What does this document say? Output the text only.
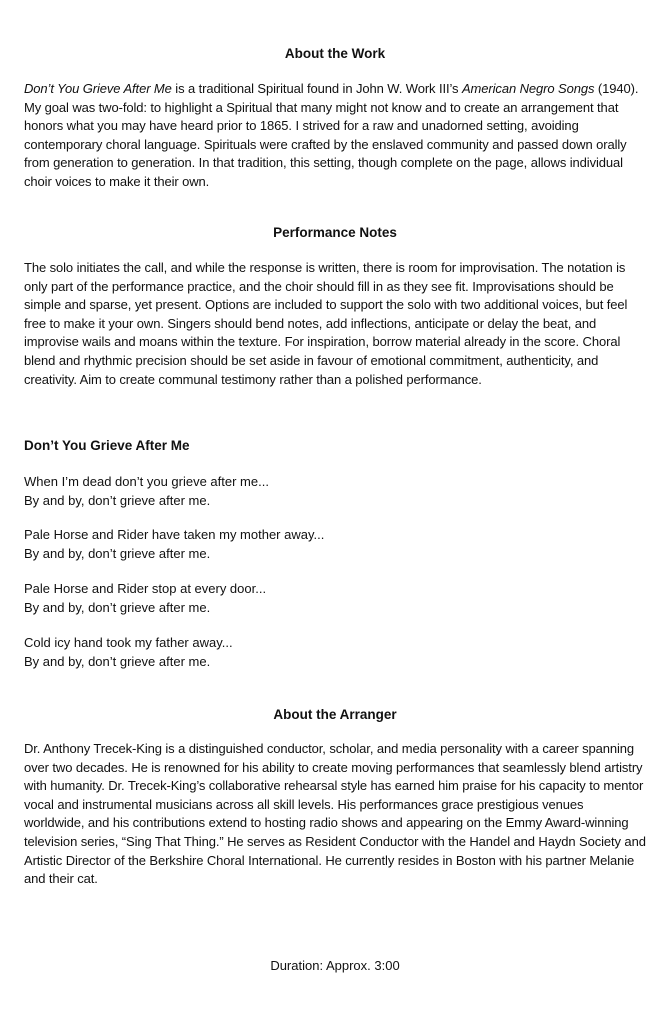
About the Work

Don’t You Grieve After Me is a traditional Spiritual found in John W. Work III’s American Negro Songs (1940). My goal was two-fold: to highlight a Spiritual that many might not know and to create an arrangement that honors what you may have heard prior to 1865. I strived for a raw and unadorned setting, avoiding contemporary choral language. Spirituals were crafted by the enslaved community and passed down orally from generation to generation. In that tradition, this setting, though complete on the page, allows individual choir voices to make it their own.

Performance Notes

The solo initiates the call, and while the response is written, there is room for improvisation. The notation is only part of the performance practice, and the choir should fill in as they see fit. Improvisations should be simple and sparse, yet present. Options are included to support the solo with two additional voices, but feel free to make it your own. Singers should bend notes, add inflections, anticipate or delay the beat, and improvise wails and moans within the texture. For inspiration, borrow material already in the score. Choral blend and rhythmic precision should be set aside in favour of emotional commitment, authenticity, and creativity. Aim to create communal testimony rather than a polished performance.

Don’t You Grieve After Me
When I’m dead don’t you grieve after me...
By and by, don’t grieve after me.
Pale Horse and Rider have taken my mother away...
By and by, don’t grieve after me.
Pale Horse and Rider stop at every door...
By and by, don’t grieve after me.
Cold icy hand took my father away...
By and by, don’t grieve after me.
About the Arranger

Dr. Anthony Trecek-King is a distinguished conductor, scholar, and media personality with a career spanning over two decades. He is renowned for his ability to create moving performances that seamlessly blend artistry with humanity. Dr. Trecek-King’s collaborative rehearsal style has earned him praise for his capacity to mentor vocal and instrumental musicians across all skill levels. His performances grace prestigious venues worldwide, and his contributions extend to hosting radio shows and appearing on the Emmy Award-winning television series, “Sing That Thing.” He serves as Resident Conductor with the Handel and Haydn Society and Artistic Director of the Berkshire Choral International. He currently resides in Boston with his partner Melanie and their cat.

Duration: Approx. 3:00
